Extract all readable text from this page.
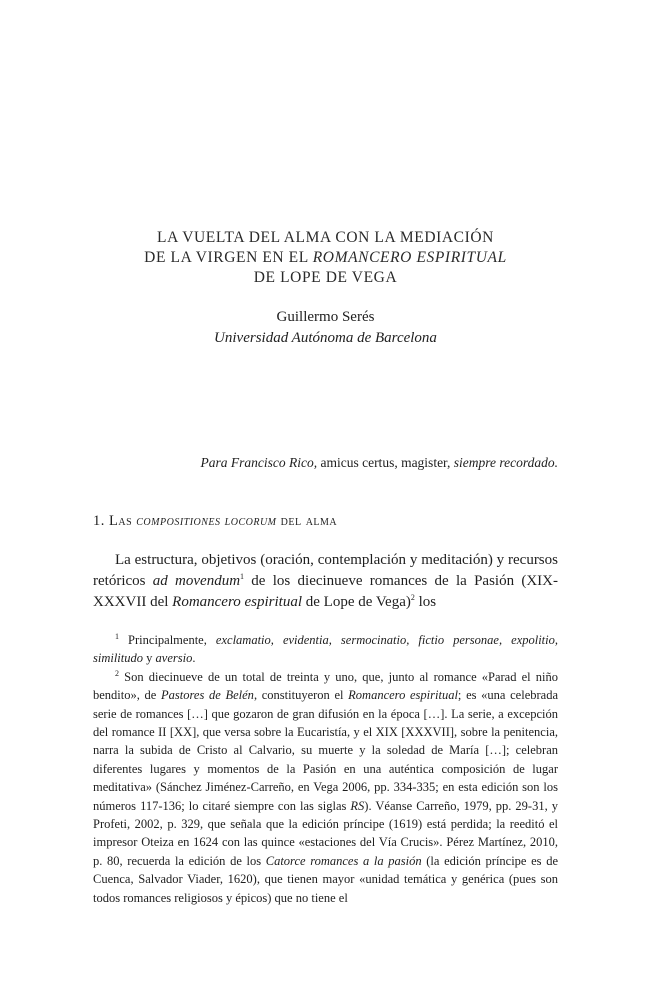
LA VUELTA DEL ALMA CON LA MEDIACIÓN
DE LA VIRGEN EN EL ROMANCERO ESPIRITUAL
DE LOPE DE VEGA
Guillermo Serés
Universidad Autónoma de Barcelona
Para Francisco Rico, amicus certus, magister, siempre recordado.
1. Las compositiones locorum del alma

La estructura, objetivos (oración, contemplación y meditación) y recursos retóricos ad movendum$^1$ de los diecinueve romances de la Pasión (XIX-XXXVII del Romancero espiritual de Lope de Vega)$^2$ los

$^1$ Principalmente, exclamatio, evidentia, sermocinatio, fictio personae, expolitio, similitudo y aversio.

$^2$ Son diecinueve de un total de treinta y uno, que, junto al romance «Parad el niño bendito», de Pastores de Belén, constituyeron el Romancero espiritual; es «una celebrada serie de romances […] que gozaron de gran difusión en la época […]. La serie, a excepción del romance II [XX], que versa sobre la Eucaristía, y el XIX [XXXVII], sobre la penitencia, narra la subida de Cristo al Calvario, su muerte y la soledad de María […]; celebran diferentes lugares y momentos de la Pasión en una auténtica composición de lugar meditativa» (Sánchez Jiménez-Carreño, en Vega 2006, pp. 334-335; en esta edición son los números 117-136; lo citaré siempre con las siglas RS). Véanse Carreño, 1979, pp. 29-31, y Profeti, 2002, p. 329, que señala que la edición príncipe (1619) está perdida; la reeditó el impresor Oteiza en 1624 con las quince «estaciones del Vía Crucis». Pérez Martínez, 2010, p. 80, recuerda la edición de los Catorce romances a la pasión (la edición príncipe es de Cuenca, Salvador Viader, 1620), que tienen mayor «unidad temática y genérica (pues son todos romances religiosos y épicos) que no tiene el
